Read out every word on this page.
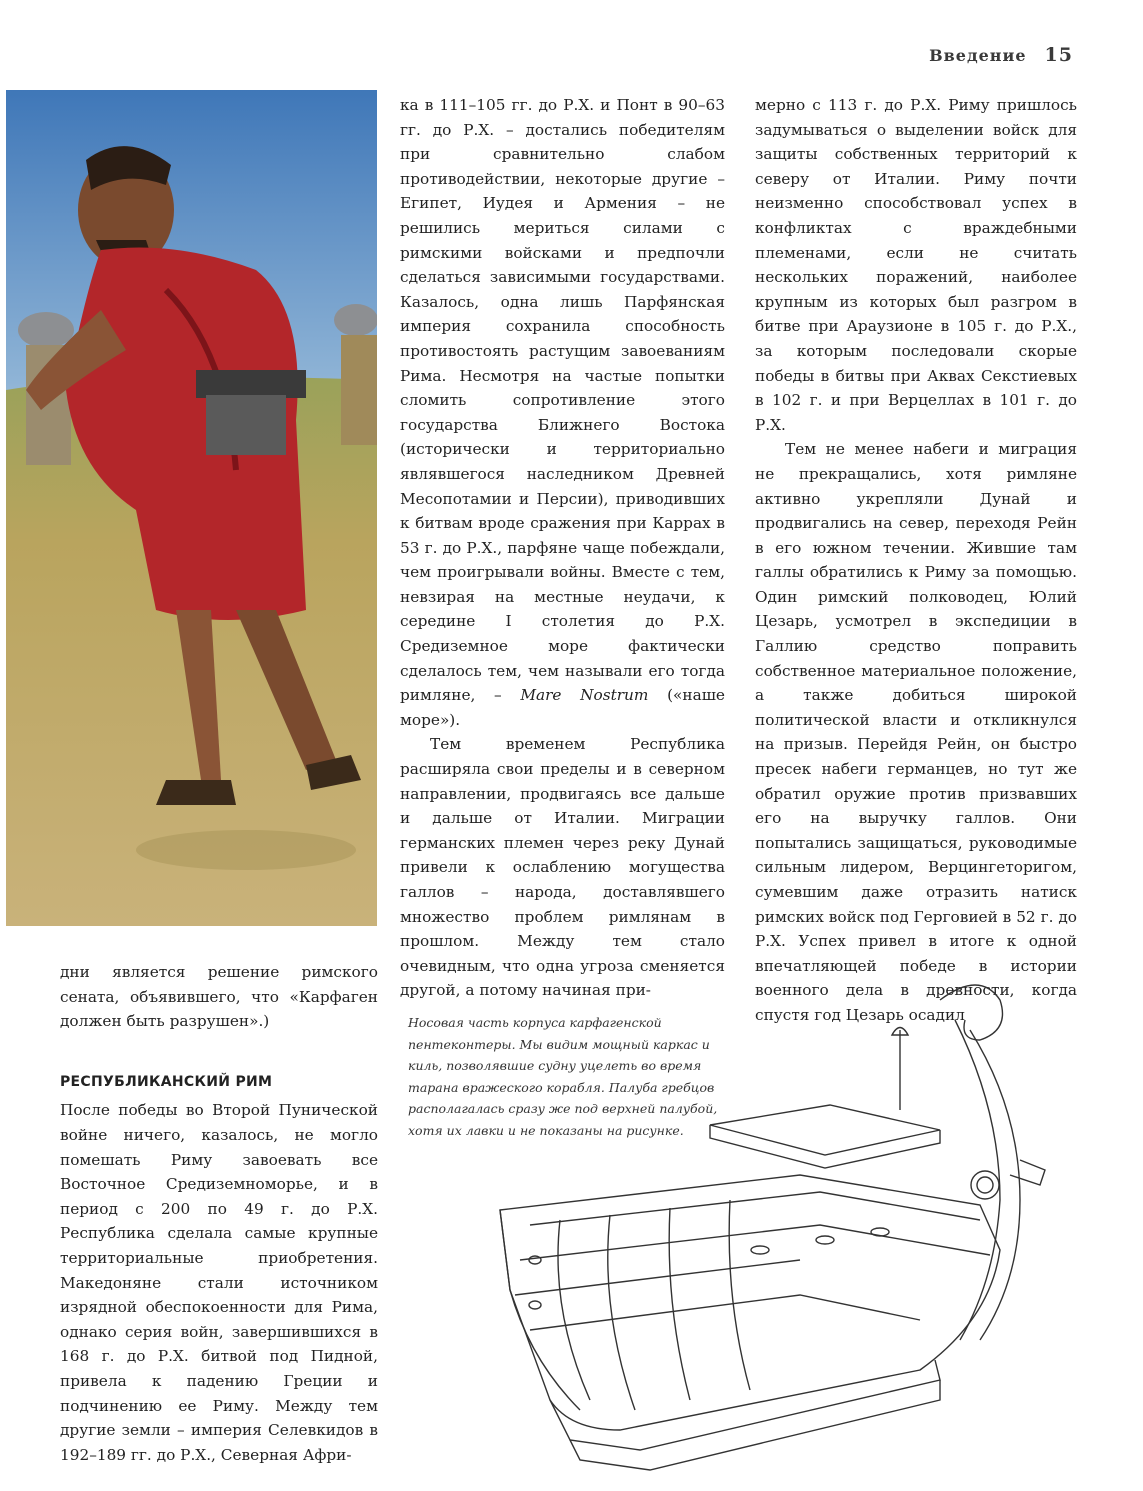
Введение 15

ка в 111–105 гг. до Р.Х. и Понт в 90–63 гг. до Р.Х. – достались победителям при сравнительно слабом противодействии, некоторые другие – Египет, Иудея и Армения – не решились мериться силами с римскими войсками и предпочли сделаться зависимыми государствами. Казалось, одна лишь Парфянская империя сохранила способность противостоять растущим завоеваниям Рима. Несмотря на частые попытки сломить сопротивление этого государства Ближнего Востока (исторически и территориально являвшегося наследником Древней Месопотамии и Персии), приводивших к битвам вроде сражения при Каррах в 53 г. до Р.Х., парфяне чаще побеждали, чем проигрывали войны. Вместе с тем, невзирая на местные неудачи, к середине I столетия до Р.Х. Средиземное море фактически сделалось тем, чем называли его тогда римляне, – Mare Nostrum («наше море»).

Тем временем Республика расширяла свои пределы и в северном направлении, продвигаясь все дальше и дальше от Италии. Миграции германских племен через реку Дунай привели к ослаблению могущества галлов – народа, доставлявшего множество проблем римлянам в прошлом. Между тем стало очевидным, что одна угроза сменяется другой, а потому начиная при-

мерно с 113 г. до Р.Х. Риму пришлось задумываться о выделении войск для защиты собственных территорий к северу от Италии. Риму почти неизменно способствовал успех в конфликтах с враждебными племенами, если не считать нескольких поражений, наиболее крупным из которых был разгром в битве при Араузионе в 105 г. до Р.Х., за которым последовали скорые победы в битвы при Аквах Секстиевых в 102 г. и при Верцеллах в 101 г. до Р.Х.

Тем не менее набеги и миграция не прекращались, хотя римляне активно укрепляли Дунай и продвигались на север, переходя Рейн в его южном течении. Жившие там галлы обратились к Риму за помощью. Один римский полководец, Юлий Цезарь, усмотрел в экспедиции в Галлию средство поправить собственное материальное положение, а также добиться широкой политической власти и откликнулся на призыв. Перейдя Рейн, он быстро пресек набеги германцев, но тут же обратил оружие против призвавших его на выручку галлов. Они попытались защищаться, руководимые сильным лидером, Верцингеторигом, сумевшим даже отразить натиск римских войск под Герговией в 52 г. до Р.Х. Успех привел в итоге к одной впечатляющей победе в истории военного дела в древности, когда спустя год Цезарь осадил

дни является решение римского сената, объявившего, что «Карфаген должен быть разрушен».)

РЕСПУБЛИКАНСКИЙ РИМ

После победы во Второй Пунической войне ничего, казалось, не могло помешать Риму завоевать все Восточное Средиземноморье, и в период с 200 по 49 г. до Р.Х. Республика сделала самые крупные территориальные приобретения. Македоняне стали источником изрядной обеспокоенности для Рима, однако серия войн, завершившихся в 168 г. до Р.Х. битвой под Пидной, привела к падению Греции и подчинению ее Риму. Между тем другие земли – империя Селевкидов в 192–189 гг. до Р.Х., Северная Афри-

Носовая часть корпуса карфагенской пентеконтеры. Мы видим мощный каркас и киль, позволявшие судну уцелеть во время тарана вражеского корабля. Палуба гребцов располагалась сразу же под верхней палубой, хотя их лавки и не показаны на рисунке.
